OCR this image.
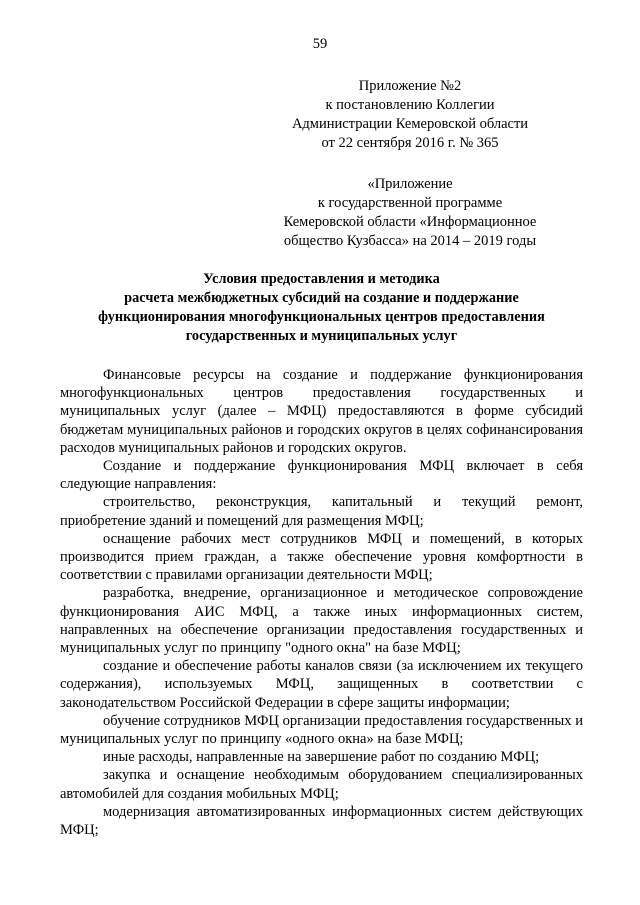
59
Приложение №2
к постановлению Коллегии
Администрации Кемеровской области
от 22 сентября 2016 г. № 365
«Приложение
к государственной программе
Кемеровской области «Информационное
общество Кузбасса» на 2014 – 2019 годы
Условия предоставления и методика
расчета межбюджетных субсидий на создание и поддержание
функционирования многофункциональных центров предоставления
государственных и муниципальных услуг

Финансовые ресурсы на создание и поддержание функционирования многофункциональных центров предоставления государственных и муниципальных услуг (далее – МФЦ) предоставляются в форме субсидий бюджетам муниципальных районов и городских округов в целях софинансирования расходов муниципальных районов и городских округов.

Создание и поддержание функционирования МФЦ включает в себя следующие направления:

строительство, реконструкция, капитальный и текущий ремонт, приобретение зданий и помещений для размещения МФЦ;

оснащение рабочих мест сотрудников МФЦ и помещений, в которых производится прием граждан, а также обеспечение уровня комфортности в соответствии с правилами организации деятельности МФЦ;

разработка, внедрение, организационное и методическое сопровождение функционирования АИС МФЦ, а также иных информационных систем, направленных на обеспечение организации предоставления государственных и муниципальных услуг по принципу "одного окна" на базе МФЦ;

создание и обеспечение работы каналов связи (за исключением их текущего содержания), используемых МФЦ, защищенных в соответствии с законодательством Российской Федерации в сфере защиты информации;

обучение сотрудников МФЦ организации предоставления государственных и муниципальных услуг по принципу «одного окна» на базе МФЦ;

иные расходы, направленные на завершение работ по созданию МФЦ;

закупка и оснащение необходимым оборудованием специализированных автомобилей для создания мобильных МФЦ;

модернизация автоматизированных информационных систем действующих МФЦ;
